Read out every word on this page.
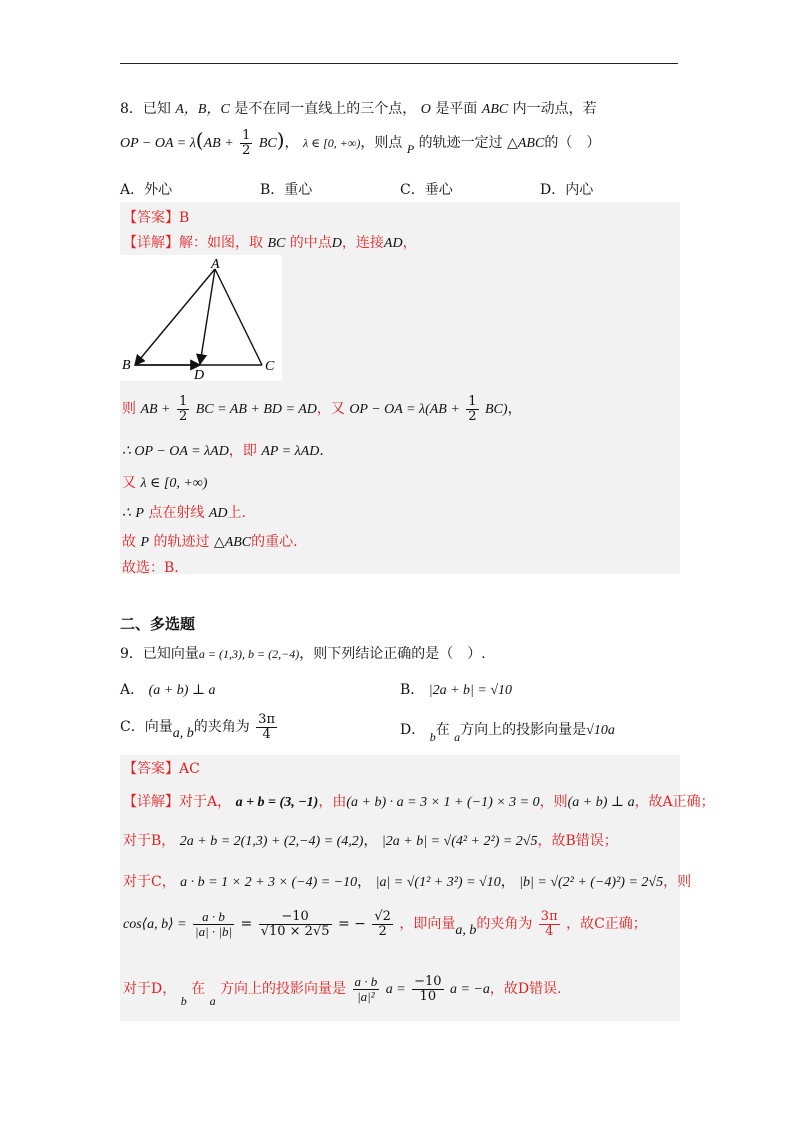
8．已知 A，B，C 是不在同一直线上的三个点， O 是平面 ABC 内一动点，若
OP − OA = $\lambda(AB + \frac{1}{2} BC)$， λ ∈ [0, +∞)，则点 P 的轨迹一定过 △ABC的（　）
A．外心	B．重心	C．垂心	D．内心
【答案】B
【详解】解：如图，取 BC 的中点D，连接AD，
A
B	C
D
则 AB + $\frac{1}{2}$ BC = AB + BD = AD，又 OP − OA = $\lambda(AB + \frac{1}{2} BC)$，
∴ OP − OA = λAD，即 AP = λAD.
又 λ ∈ [0, +∞)
∴ P 点在射线 AD上.
故 P 的轨迹过 △ABC的重心.
故选：B.
二、多选题
9．已知向量a = (1,3), b = (2,−4)，则下列结论正确的是（　）.
A． (a + b) ⊥ a	B． |2a + b| = √10
C．向量a, b的夹角为 $\frac{3\pi}{4}$	D． b在 a方向上的投影向量是√10a
【答案】AC
【详解】对于A， a + b = (3, −1)，由(a + b) · a = 3 × 1 + (−1) × 3 = 0，则(a + b) ⊥ a，故A正确；
对于B， 2a + b = 2(1,3) + (2,−4) = (4,2)， |2a + b| = √(4² + 2²) = 2√5，故B错误；
对于C， a · b = 1 × 2 + 3 × (−4) = −10， |a| = √(1² + 3²) = √10， |b| = √(2² + (−4)²) = 2√5，则
cos⟨a, b⟩ = $\frac{a \cdot b}{|a| \cdot |b|} = \frac{-10}{√10 \times 2√5}$ = − $\frac{√2}{2}$ ，即向量a, b的夹角为 $\frac{3\pi}{4}$ ，故C正确；
对于D， b 在 a 方向上的投影向量是 $\frac{a \cdot b}{\text{|a|²}}$ $a = \frac{-10}{10}$ a = −a，故D错误.
